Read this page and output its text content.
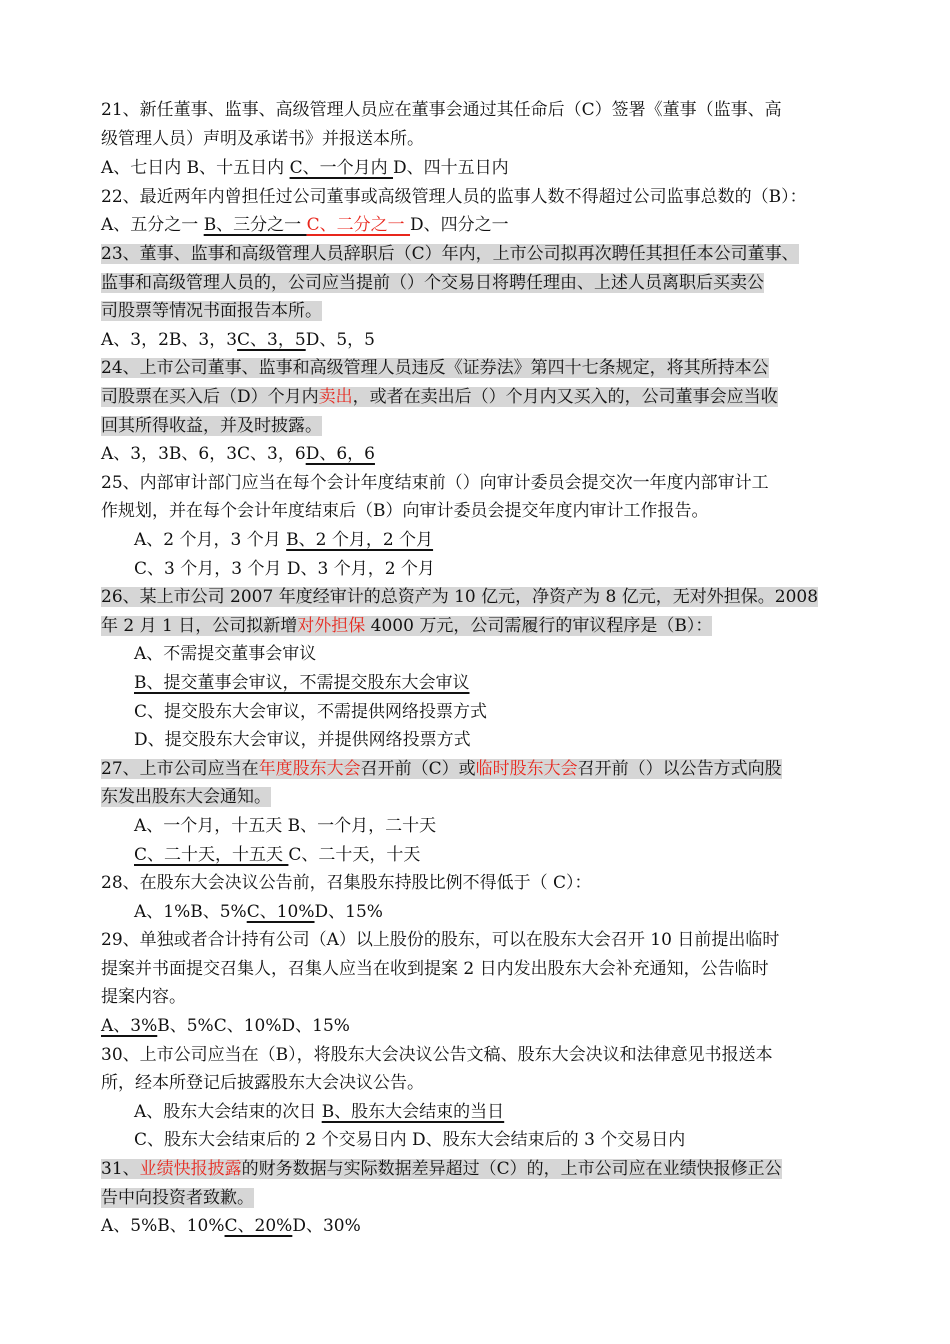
21、新任董事、监事、高级管理人员应在董事会通过其任命后（C）签署《董事（监事、高
级管理人员）声明及承诺书》并报送本所。
A、七日内 B、十五日内 C、一个月内 D、四十五日内
22、最近两年内曾担任过公司董事或高级管理人员的监事人数不得超过公司监事总数的（B）：
A、五分之一 B、三分之一 C、二分之一 D、四分之一
23、董事、监事和高级管理人员辞职后（C）年内，上市公司拟再次聘任其担任本公司董事、
监事和高级管理人员的，公司应当提前（）个交易日将聘任理由、上述人员离职后买卖公
司股票等情况书面报告本所。
A、3，2B、3，3C、3，5D、5，5
24、上市公司董事、监事和高级管理人员违反《证券法》第四十七条规定，将其所持本公
司股票在买入后（D）个月内卖出，或者在卖出后（）个月内又买入的，公司董事会应当收
回其所得收益，并及时披露。
A、3，3B、6，3C、3，6D、6，6
25、内部审计部门应当在每个会计年度结束前（）向审计委员会提交次一年度内部审计工
作规划，并在每个会计年度结束后（B）向审计委员会提交年度内审计工作报告。
A、2 个月，3 个月 B、2 个月，2 个月
C、3 个月，3 个月 D、3 个月，2 个月
26、某上市公司 2007 年度经审计的总资产为 10 亿元，净资产为 8 亿元，无对外担保。2008
年 2 月 1 日，公司拟新增对外担保 4000 万元，公司需履行的审议程序是（B）：
A、不需提交董事会审议
B、提交董事会审议，不需提交股东大会审议
C、提交股东大会审议，不需提供网络投票方式
D、提交股东大会审议，并提供网络投票方式
27、上市公司应当在年度股东大会召开前（C）或临时股东大会召开前（）以公告方式向股
东发出股东大会通知。
A、一个月，十五天 B、一个月，二十天
C、二十天，十五天 C、二十天，十天
28、在股东大会决议公告前，召集股东持股比例不得低于（ C）：
A、1%B、5%C、10%D、15%
29、单独或者合计持有公司（A）以上股份的股东，可以在股东大会召开 10 日前提出临时
提案并书面提交召集人，召集人应当在收到提案 2 日内发出股东大会补充通知，公告临时
提案内容。
A、3%B、5%C、10%D、15%
30、上市公司应当在（B），将股东大会决议公告文稿、股东大会决议和法律意见书报送本
所，经本所登记后披露股东大会决议公告。
A、股东大会结束的次日 B、股东大会结束的当日
C、股东大会结束后的 2 个交易日内 D、股东大会结束后的 3 个交易日内
31、业绩快报披露的财务数据与实际数据差异超过（C）的，上市公司应在业绩快报修正公
告中向投资者致歉。
A、5%B、10%C、20%D、30%
